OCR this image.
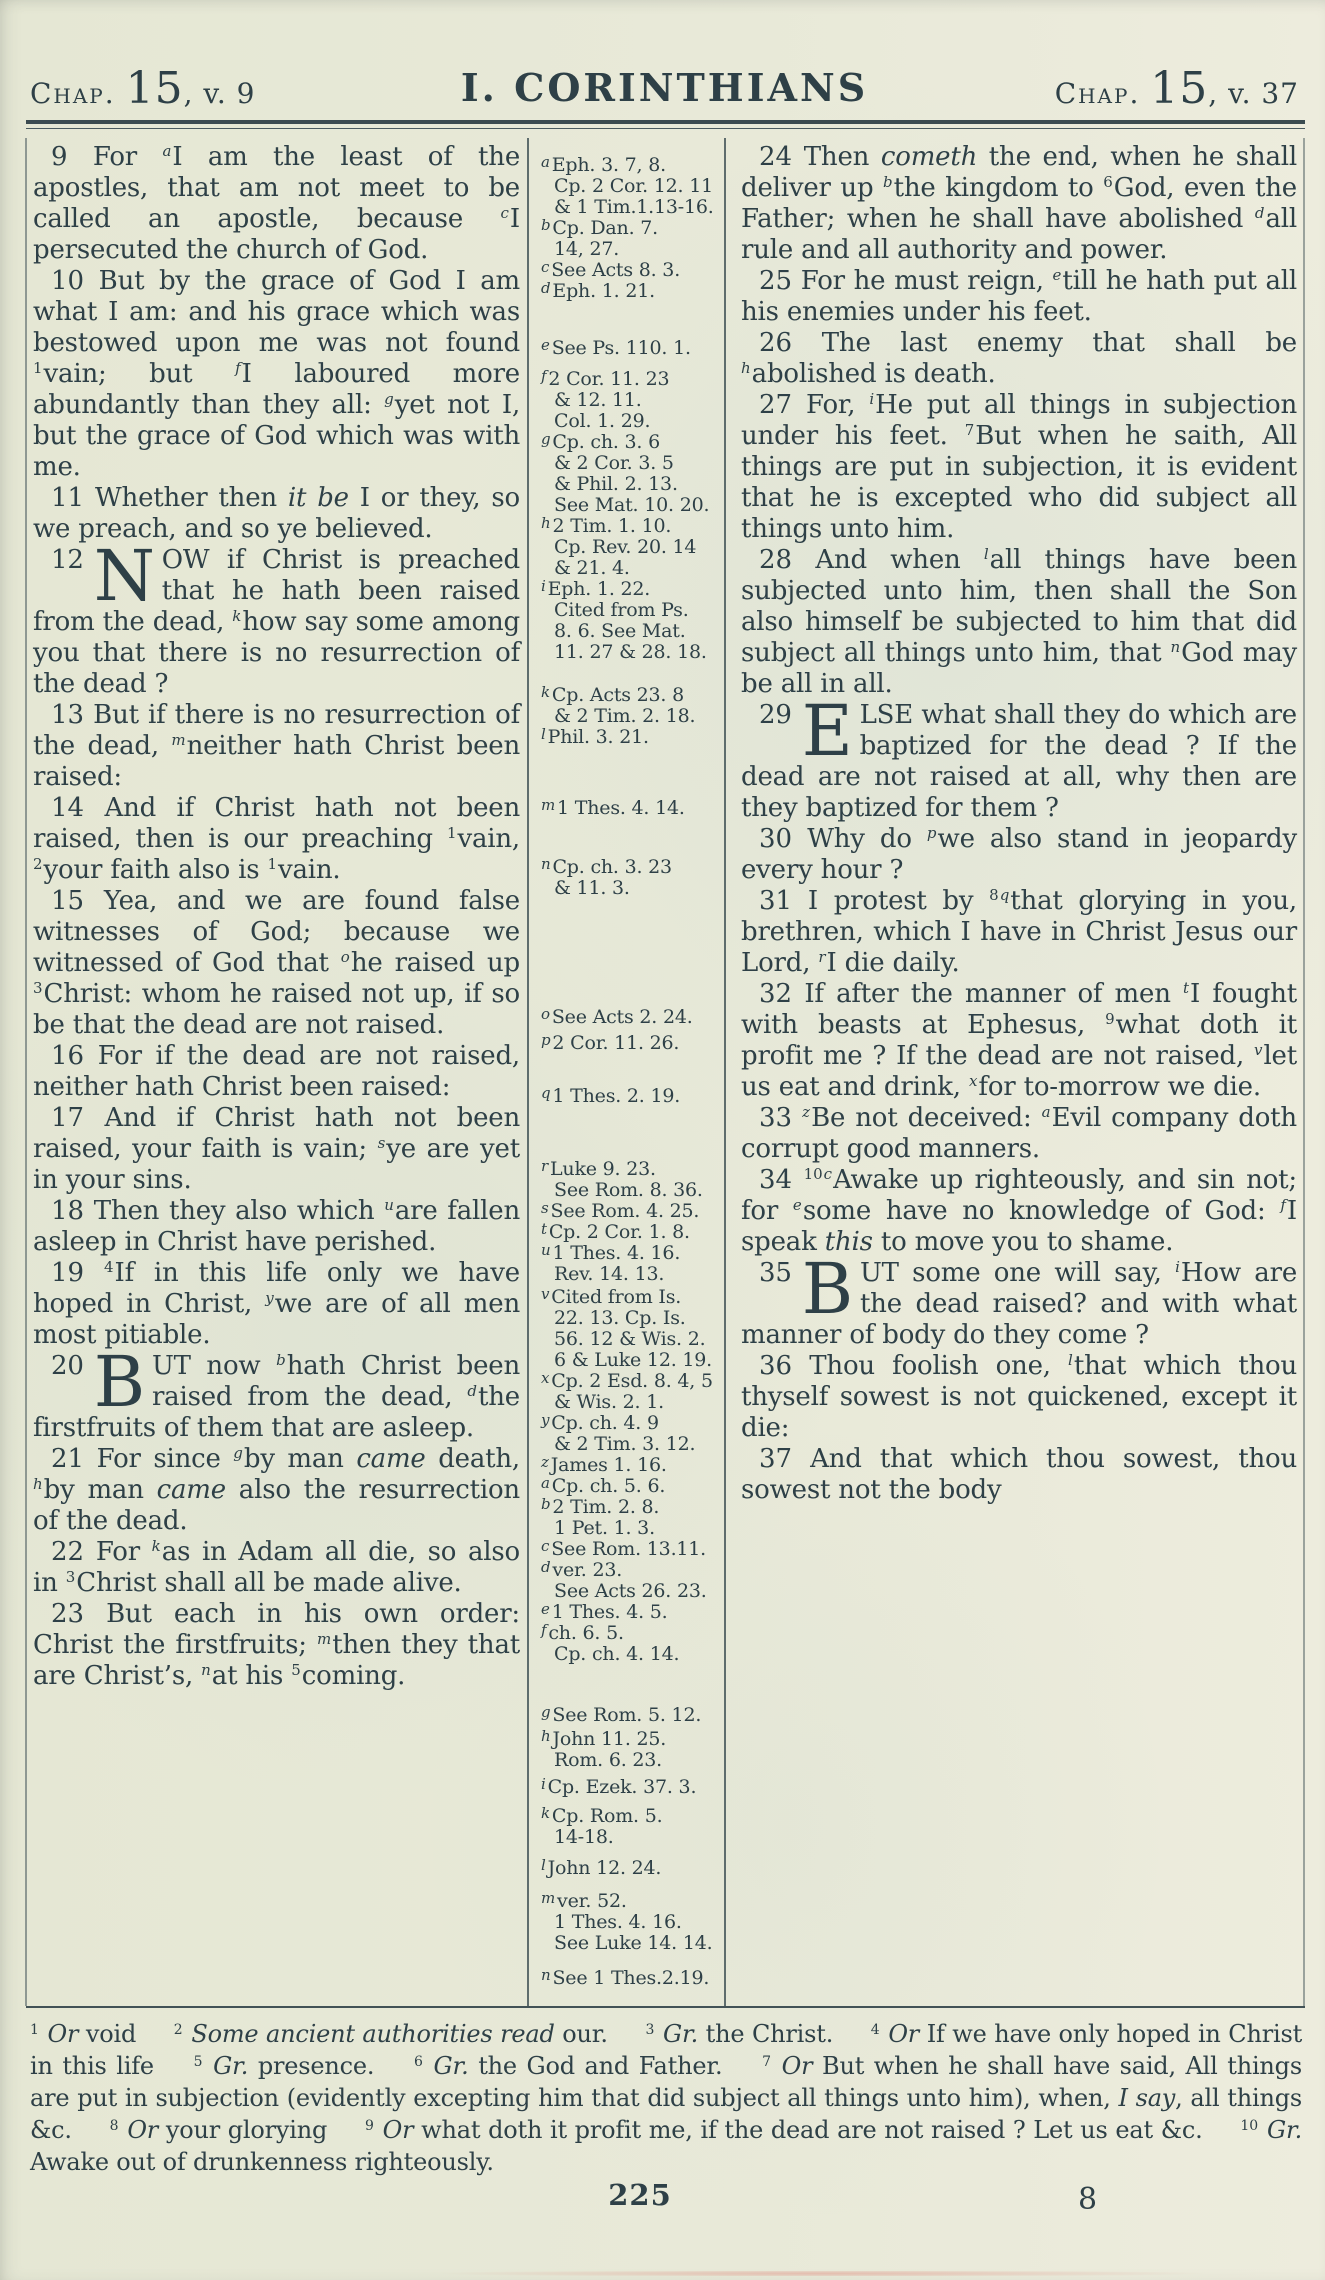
Chap. 15, v. 9	I. CORINTHIANS	Chap. 15, v. 37

9 For $^a$I am the least of the apostles, that am not meet to be called an apostle, because $^c$I persecuted the church of God.

10 But by the grace of God I am what I am: and his grace which was bestowed upon me was not found $^1$vain; but $^f$I laboured more abundantly than they all: $^g$yet not I, but the grace of God which was with me.

11 Whether then it be I or they, so we preach, and so ye believed.

12 N OW if Christ is preached that he hath been raised from the dead, $^k$how say some among you that there is no resurrection of the dead ?

13 But if there is no resurrection of the dead, $^m$neither hath Christ been raised:

14 And if Christ hath not been raised, then is our preaching $^1$vain, $^2$your faith also is $^1$vain.

15 Yea, and we are found false witnesses of God; because we witnessed of God that $^o$he raised up $^3$Christ: whom he raised not up, if so be that the dead are not raised.

16 For if the dead are not raised, neither hath Christ been raised:

17 And if Christ hath not been raised, your faith is vain; $^s$ye are yet in your sins.

18 Then they also which $^u$are fallen asleep in Christ have perished.

19 $^4$If in this life only we have hoped in Christ, $^y$we are of all men most pitiable.

20 B UT now $^b$hath Christ been raised from the dead, $^d$the firstfruits of them that are asleep.

21 For since $^g$by man came death, $^h$by man came also the resurrection of the dead.

22 For $^k$as in Adam all die, so also in $^3$Christ shall all be made alive.

23 But each in his own order: Christ the firstfruits; $^m$then they that are Christ’s, $^n$at his $^5$coming.

$^a$ Eph. 3. 7, 8.
Cp. 2 Cor. 12. 11
& 1 Tim.1.13-16.
$^b$ Cp. Dan. 7.
14, 27.
$^c$ See Acts 8. 3.
$^d$ Eph. 1. 21.
$^e$ See Ps. 110. 1.
$^f$ 2 Cor. 11. 23
& 12. 11.
Col. 1. 29.
$^g$ Cp. ch. 3. 6
& 2 Cor. 3. 5
& Phil. 2. 13.
See Mat. 10. 20.
$^h$ 2 Tim. 1. 10.
Cp. Rev. 20. 14
& 21. 4.
$^i$ Eph. 1. 22.
Cited from Ps.
8. 6. See Mat.
11. 27 & 28. 18.
$^k$ Cp. Acts 23. 8
& 2 Tim. 2. 18.
$^l$ Phil. 3. 21.
$^m$ 1 Thes. 4. 14.
$^n$ Cp. ch. 3. 23
& 11. 3.
$^o$ See Acts 2. 24.
$^p$ 2 Cor. 11. 26.
$^q$ 1 Thes. 2. 19.
$^r$ Luke 9. 23.
See Rom. 8. 36.
$^s$ See Rom. 4. 25.
$^t$ Cp. 2 Cor. 1. 8.
$^u$ 1 Thes. 4. 16.
Rev. 14. 13.
$^v$ Cited from Is.
22. 13. Cp. Is.
56. 12 & Wis. 2.
6 & Luke 12. 19.
$^x$ Cp. 2 Esd. 8. 4, 5
& Wis. 2. 1.
$^y$ Cp. ch. 4. 9
& 2 Tim. 3. 12.
$^z$ James 1. 16.
$^a$ Cp. ch. 5. 6.
$^b$ 2 Tim. 2. 8.
1 Pet. 1. 3.
$^c$ See Rom. 13.11.
$^d$ ver. 23.
See Acts 26. 23.
$^e$ 1 Thes. 4. 5.
$^f$ ch. 6. 5.
Cp. ch. 4. 14.
$^g$ See Rom. 5. 12.
$^h$ John 11. 25.
Rom. 6. 23.
$^i$ Cp. Ezek. 37. 3.
$^k$ Cp. Rom. 5.
14-18.
$^l$ John 12. 24.
$^m$ ver. 52.
1 Thes. 4. 16.
See Luke 14. 14.
$^n$ See 1 Thes.2.19.

24 Then cometh the end, when he shall deliver up $^b$the kingdom to $^6$God, even the Father; when he shall have abolished $^d$all rule and all authority and power.

25 For he must reign, $^e$till he hath put all his enemies under his feet.

26 The last enemy that shall be $^h$abolished is death.

27 For, $^i$He put all things in subjection under his feet. $^7$But when he saith, All things are put in subjection, it is evident that he is excepted who did subject all things unto him.

28 And when $^l$all things have been subjected unto him, then shall the Son also himself be subjected to him that did subject all things unto him, that $^n$God may be all in all.

29 E LSE what shall they do which are baptized for the dead ? If the dead are not raised at all, why then are they baptized for them ?

30 Why do $^p$we also stand in jeopardy every hour ?

31 I protest by $^{8q}$that glorying in you, brethren, which I have in Christ Jesus our Lord, $^r$I die daily.

32 If after the manner of men $^t$I fought with beasts at Ephesus, $^9$what doth it profit me ? If the dead are not raised, $^v$let us eat and drink, $^x$for to-morrow we die.

33 $^z$Be not deceived: $^a$Evil company doth corrupt good manners.

34 $^{10c}$Awake up righteously, and sin not; for $^e$some have no knowledge of God: $^f$I speak this to move you to shame.

35 B UT some one will say, $^i$How are the dead raised? and with what manner of body do they come ?

36 Thou foolish one, $^l$that which thou thyself sowest is not quickened, except it die:

37 And that which thou sowest, thou sowest not the body

$^1$ Or void	$^2$ Some ancient authorities read our.	$^3$ Gr. the Christ.	$^4$ Or If we have only hoped in Christ in this life	$^5$ Gr. presence.	$^6$ Gr. the God and Father.	$^7$ Or But when he shall have said, All things are put in subjection (evidently excepting him that did subject all things unto him), when, I say, all things &c.	$^8$ Or your glorying	$^9$ Or what doth it profit me, if the dead are not raised ? Let us eat &c.	$^{10}$ Gr. Awake out of drunkenness righteously.

225	8
